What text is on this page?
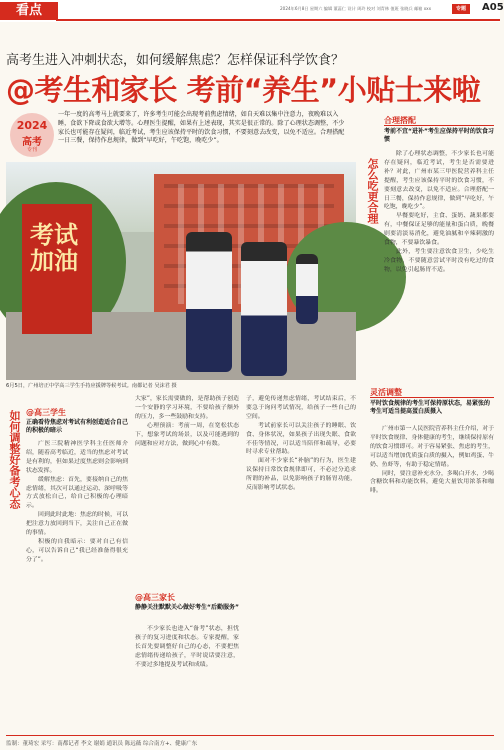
看点	2024年6月8日 星期六 编辑 董蕊仁 设计 周玲 校对 刘青林 值班 张晓兵 邮箱 xxx	专题	A05
高考生进入冲刺状态，如何缓解焦虑？怎样保证科学饮食？
@考生和家长 考前“养生”小贴士来啦
2024
高考
专刊
一年一度的高考马上就要来了，许多考生可能会出现考前焦虑情绪，如自天难以集中注意力，夜晚难以入睡，食欲下降或食欲大增等。心理医生提醒，如果有上述表现，其实是很正常的。除了心理状态调整，不少家长也可能存在疑问，临近考试，考生应该保持平时的饮食习惯，不要刻意去改变，以免不适应。合理搭配一日三餐，保持作息规律，做到“早吃好，午吃饱，晚吃少”。
考试加油
6月5日，广州培正中学高三学生手持应援牌等候考试。南都记者 吴沫君 摄
如何调整好备考心态
怎么吃更合理
合理搭配
考前不宜“进补”考生应保持平时的饮食习惯

除了心理状态调整，不少家长也可能存在疑问，临近考试，考生是否需要进补？对此，广州市某三甲医院营养科主任提醒，考生应该保持平时的饮食习惯，不要刻意去改变，以免不适应。合理搭配一日三餐，保持作息规律，做到“早吃好，午吃饱，晚吃少”。

早餐要吃好，主食、蛋奶、蔬果都要有，中餐保证足够的能量和蛋白质，晚餐则要清淡易消化，避免油腻和辛辣刺激的食物，不要暴饮暴食。

此外，考生要注意饮食卫生，少吃生冷食物，不要随意尝试平时没有吃过的食物，以免引起肠胃不适。

灵活调整
平时饮食规律的考生可保持原状态，易紧张的考生可适当提高蛋白质摄入

广州市第一人民医院营养科主任介绍，对于平时饮食规律、身体健康的考生，继续保持原有的饮食习惯即可。对于容易紧张、焦虑的考生，可以适当增加优质蛋白质的摄入，例如鸡蛋、牛奶、鱼虾等，有助于稳定情绪。

同时，要注意补充水分，多喝白开水，少喝含糖饮料和功能饮料，避免大量饮用浓茶和咖啡。

@高三学生
正确看待焦虑对考试有利创造适合自己的积极的暗示

广医三院精神医学科主任医师介绍，随着高考临近，适当的焦虑对考试是有利的，但如果过度焦虑则会影响到状态发挥。

缓解焦虑：首先，要接纳自己的焦虑情绪，其次可以通过运动、深呼吸等方式放松自己，给自己积极的心理暗示。

回到此时此地：焦虑的时候，可以把注意力放回到当下，关注自己正在做的事情。

积极的自我暗示：要对自己有信心，可以告诉自己“我已经准备得很充分了”。

大家”，家长需要做的，是帮助孩子创造一个安静的学习环境，不要给孩子额外的压力，多一些鼓励和支持。

心理预演：考前一周，在宽松状态下，想象考试的场景，以及可能遇到的问题和应对方法，做到心中有数。

@高三家长
静静关注默默关心做好考生“后勤服务”

不少家长也进入“备考”状态，担忧孩子的复习进度和状态。专家提醒，家长首先要调整好自己的心态，不要把焦虑情绪传递给孩子，平时说话要注意，不要过多地提及考试和成绩。

子，避免传递焦虑情绪，考试结束后，不要急于询问考试情况，给孩子一些自己的空间。

考试前家长可以关注孩子的睡眠、饮食、身体状况，如果孩子出现失眠、食欲不佳等情况，可以适当陪伴和疏导，必要时寻求专业帮助。

面对不少家长“补脑”的行为，医生建议保持日常饮食规律即可，不必过分追求所谓的补品，以免影响孩子的肠胃功能，反而影响考试状态。

监制：董琦宏 采写：南都记者 李文 谢娟 通讯员 陈远薇 综合南方+、健康广东
